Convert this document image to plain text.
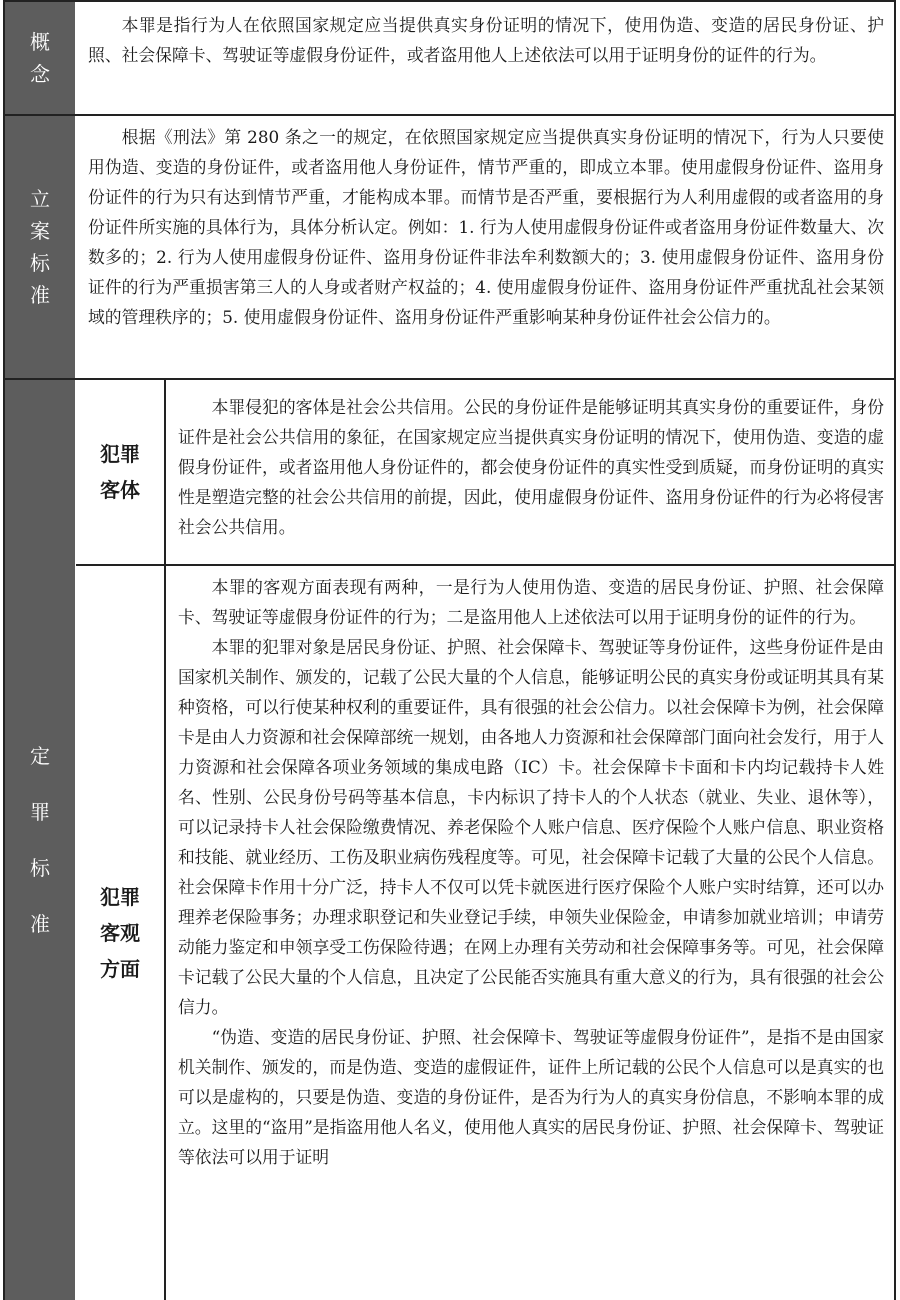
概
念

本罪是指行为人在依照国家规定应当提供真实身份证明的情况下，使用伪造、变造的居民身份证、护照、社会保障卡、驾驶证等虚假身份证件，或者盗用他人上述依法可以用于证明身份的证件的行为。

立
案
标
准

根据《刑法》第 280 条之一的规定，在依照国家规定应当提供真实身份证明的情况下，行为人只要使用伪造、变造的身份证件，或者盗用他人身份证件，情节严重的，即成立本罪。使用虚假身份证件、盗用身份证件的行为只有达到情节严重，才能构成本罪。而情节是否严重，要根据行为人利用虚假的或者盗用的身份证件所实施的具体行为，具体分析认定。例如：1. 行为人使用虚假身份证件或者盗用身份证件数量大、次数多的；2. 行为人使用虚假身份证件、盗用身份证件非法牟利数额大的；3. 使用虚假身份证件、盗用身份证件的行为严重损害第三人的人身或者财产权益的；4. 使用虚假身份证件、盗用身份证件严重扰乱社会某领域的管理秩序的；5. 使用虚假身份证件、盗用身份证件严重影响某种身份证件社会公信力的。

定
罪
标
准
犯罪
客体

本罪侵犯的客体是社会公共信用。公民的身份证件是能够证明其真实身份的重要证件，身份证件是社会公共信用的象征，在国家规定应当提供真实身份证明的情况下，使用伪造、变造的虚假身份证件，或者盗用他人身份证件的，都会使身份证件的真实性受到质疑，而身份证明的真实性是塑造完整的社会公共信用的前提，因此，使用虚假身份证件、盗用身份证件的行为必将侵害社会公共信用。

犯罪
客观
方面

本罪的客观方面表现有两种，一是行为人使用伪造、变造的居民身份证、护照、社会保障卡、驾驶证等虚假身份证件的行为；二是盗用他人上述依法可以用于证明身份的证件的行为。

本罪的犯罪对象是居民身份证、护照、社会保障卡、驾驶证等身份证件，这些身份证件是由国家机关制作、颁发的，记载了公民大量的个人信息，能够证明公民的真实身份或证明其具有某种资格，可以行使某种权利的重要证件，具有很强的社会公信力。以社会保障卡为例，社会保障卡是由人力资源和社会保障部统一规划，由各地人力资源和社会保障部门面向社会发行，用于人力资源和社会保障各项业务领域的集成电路（IC）卡。社会保障卡卡面和卡内均记载持卡人姓名、性别、公民身份号码等基本信息，卡内标识了持卡人的个人状态（就业、失业、退休等），可以记录持卡人社会保险缴费情况、养老保险个人账户信息、医疗保险个人账户信息、职业资格和技能、就业经历、工伤及职业病伤残程度等。可见，社会保障卡记载了大量的公民个人信息。社会保障卡作用十分广泛，持卡人不仅可以凭卡就医进行医疗保险个人账户实时结算，还可以办理养老保险事务；办理求职登记和失业登记手续，申领失业保险金，申请参加就业培训；申请劳动能力鉴定和申领享受工伤保险待遇；在网上办理有关劳动和社会保障事务等。可见，社会保障卡记载了公民大量的个人信息，且决定了公民能否实施具有重大意义的行为，具有很强的社会公信力。

“伪造、变造的居民身份证、护照、社会保障卡、驾驶证等虚假身份证件”，是指不是由国家机关制作、颁发的，而是伪造、变造的虚假证件，证件上所记载的公民个人信息可以是真实的也可以是虚构的，只要是伪造、变造的身份证件，是否为行为人的真实身份信息，不影响本罪的成立。这里的“盗用”是指盗用他人名义，使用他人真实的居民身份证、护照、社会保障卡、驾驶证等依法可以用于证明
